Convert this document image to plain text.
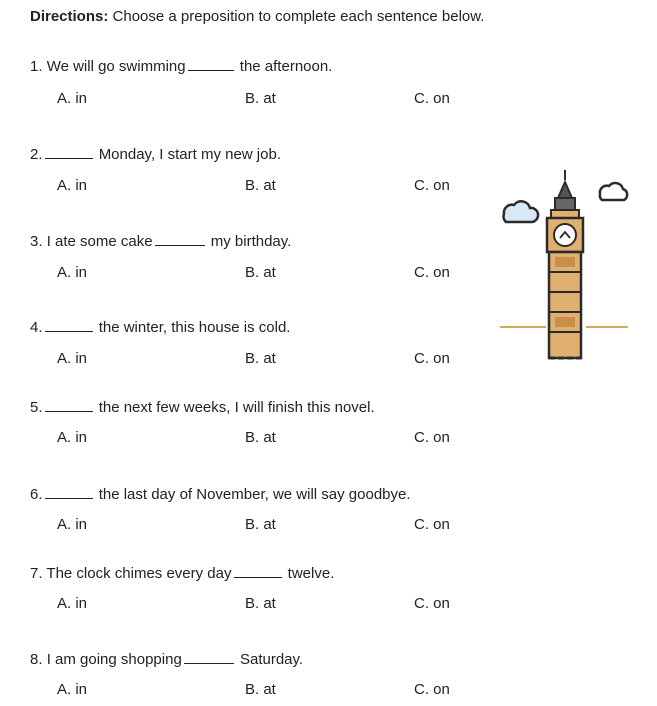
Directions: Choose a preposition to complete each sentence below.
1. We will go swimming	the afternoon.
A. in	B. at	C. on
2.	Monday, I start my new job.
A. in	B. at	C. on
3. I ate some cake	my birthday.
A. in	B. at	C. on
4.	the winter, this house is cold.
A. in	B. at	C. on
5.	the next few weeks, I will finish this novel.
A. in	B. at	C. on
6.	the last day of November, we will say goodbye.
A. in	B. at	C. on
7. The clock chimes every day	twelve.
A. in	B. at	C. on
8. I am going shopping	Saturday.
A. in	B. at	C. on
